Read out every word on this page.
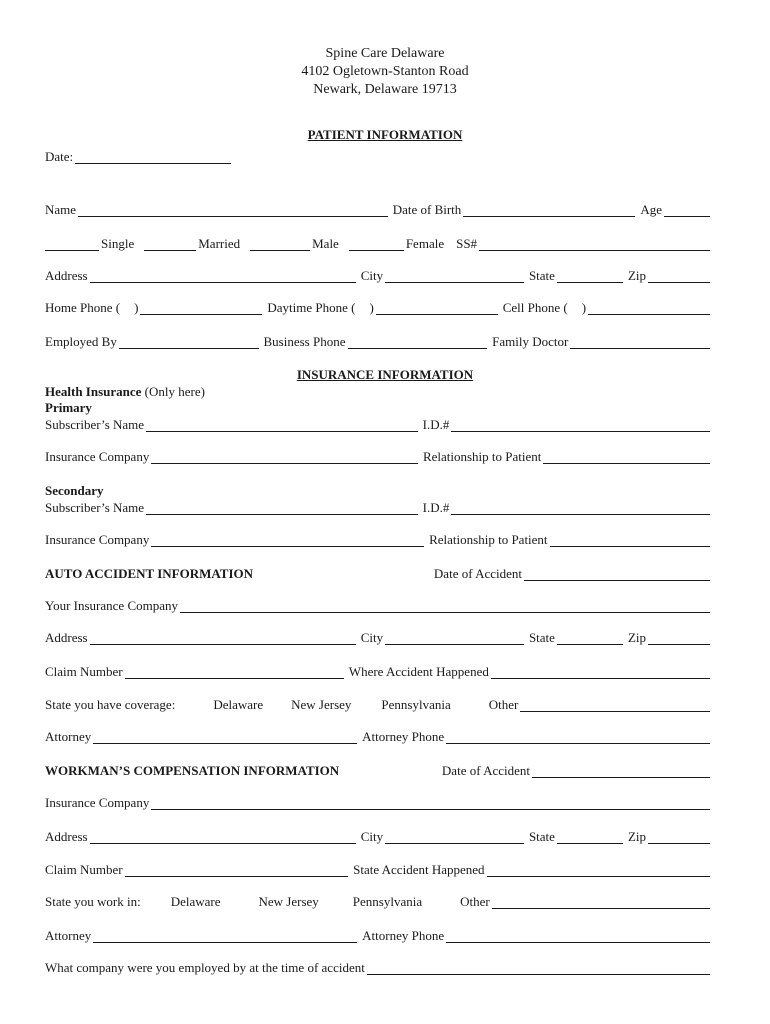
Spine Care Delaware
4102 Ogletown-Stanton Road
Newark, Delaware 19713
PATIENT INFORMATION
Date:
Name	Date of Birth	Age
Single	Married	Male	Female SS#
Address	City	State	Zip
Home Phone ( )	Daytime Phone ( )	Cell Phone ( )
Employed By	Business Phone	Family Doctor
INSURANCE INFORMATION
Health Insurance (Only here)
Primary
Subscriber’s Name	I.D.#
Insurance Company	Relationship to Patient
Secondary
Subscriber’s Name	I.D.#
Insurance Company	Relationship to Patient
AUTO ACCIDENT INFORMATION	Date of Accident
Your Insurance Company
Address	City	State	Zip
Claim Number	Where Accident Happened
State you have coverage:	Delaware New Jersey Pennsylvania	Other
Attorney	Attorney Phone
WORKMAN’S COMPENSATION INFORMATION	Date of Accident
Insurance Company
Address	City	State	Zip
Claim Number	State Accident Happened
State you work in: Delaware	New Jersey	Pennsylvania	Other
Attorney	Attorney Phone
What company were you employed by at the time of accident
